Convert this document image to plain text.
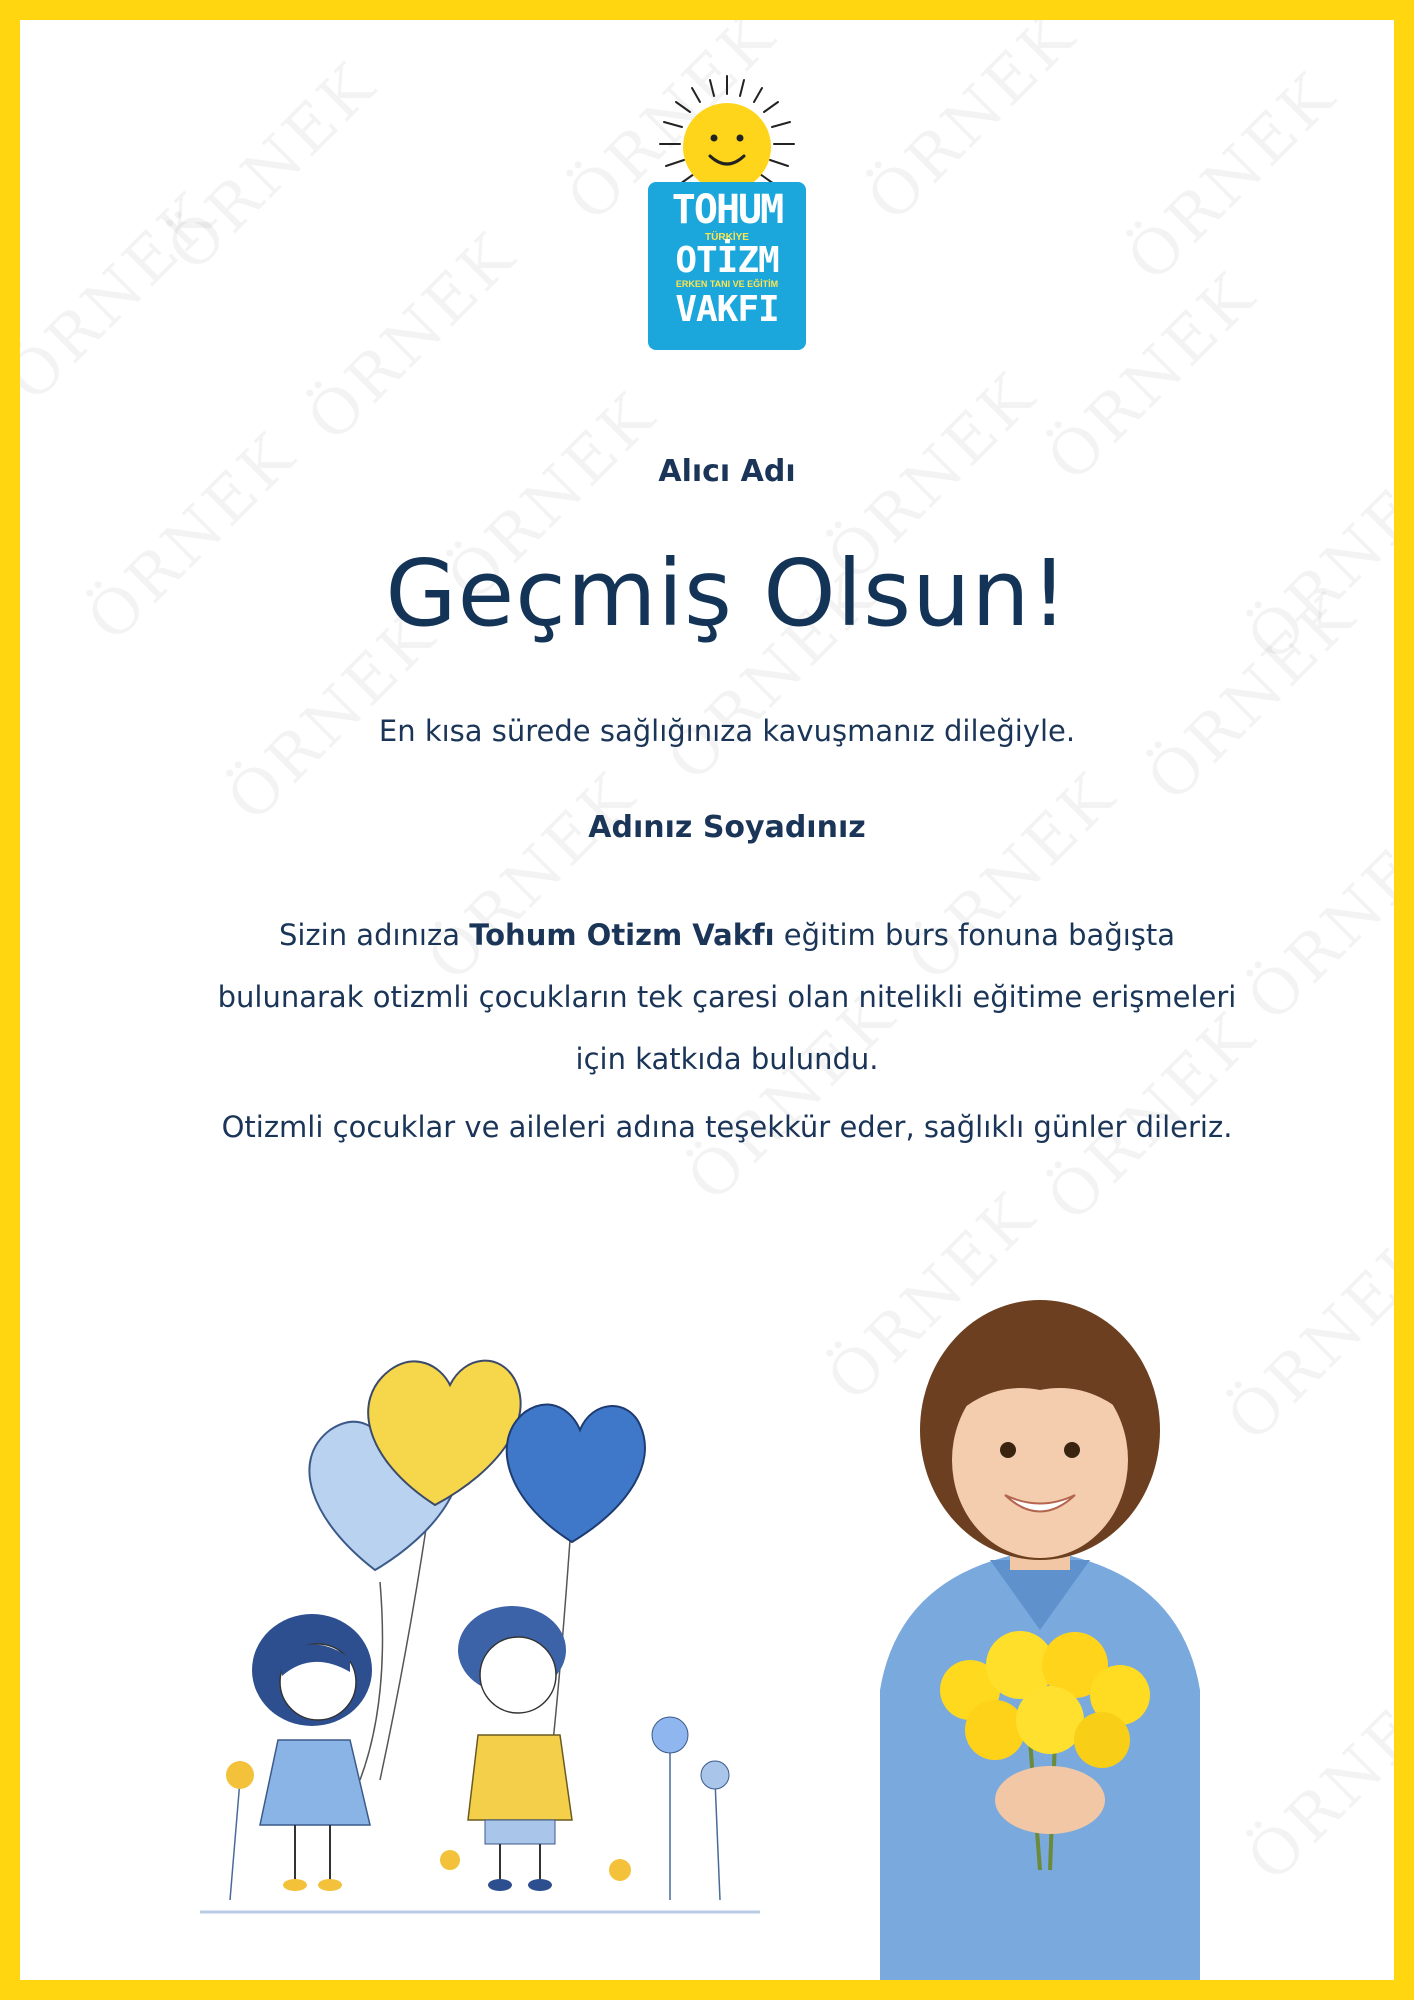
TOHUM
TÜRKİYE
OTİZM
ERKEN TANI VE EĞİTİM
VAKFI
Alıcı Adı
Geçmiş Olsun!
En kısa sürede sağlığınıza kavuşmanız dileğiyle.
Adınız Soyadınız
Sizin adınıza Tohum Otizm Vakfı eğitim burs fonuna bağışta bulunarak otizmli çocukların tek çaresi olan nitelikli eğitime erişmeleri için katkıda bulundu.
Otizmli çocuklar ve aileleri adına teşekkür eder, sağlıklı günler dileriz.
